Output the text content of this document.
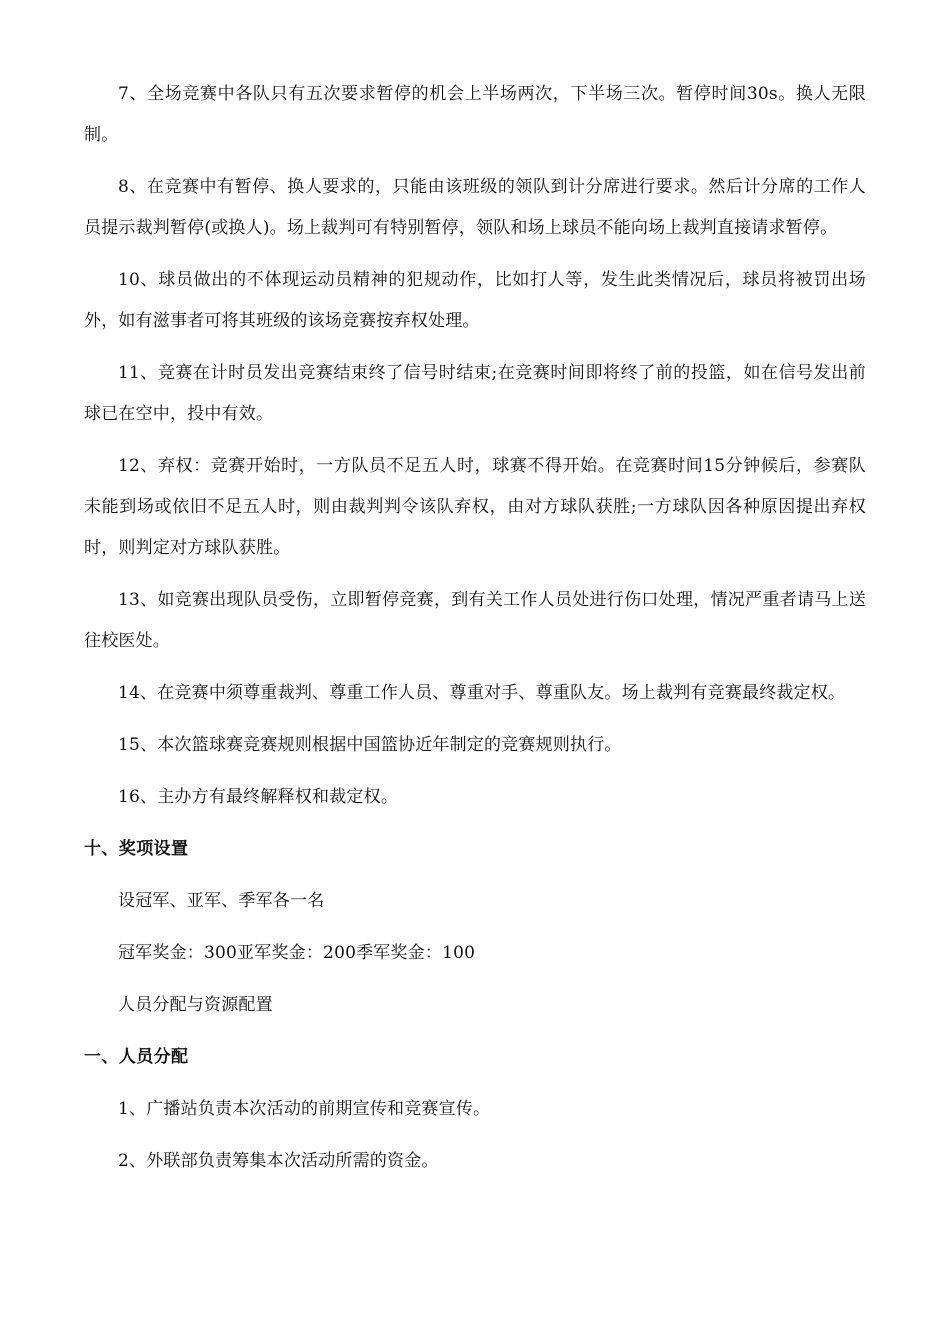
7、全场竞赛中各队只有五次要求暂停的机会上半场两次，下半场三次。暂停时间30s。换人无限制。

8、在竞赛中有暂停、换人要求的，只能由该班级的领队到计分席进行要求。然后计分席的工作人员提示裁判暂停(或换人)。场上裁判可有特别暂停，领队和场上球员不能向场上裁判直接请求暂停。

10、球员做出的不体现运动员精神的犯规动作，比如打人等，发生此类情况后，球员将被罚出场外，如有滋事者可将其班级的该场竞赛按弃权处理。

11、竞赛在计时员发出竞赛结束终了信号时结束;在竞赛时间即将终了前的投篮，如在信号发出前球已在空中，投中有效。

12、弃权：竞赛开始时，一方队员不足五人时，球赛不得开始。在竞赛时间15分钟候后，参赛队未能到场或依旧不足五人时，则由裁判判令该队弃权，由对方球队获胜;一方球队因各种原因提出弃权时，则判定对方球队获胜。

13、如竞赛出现队员受伤，立即暂停竞赛，到有关工作人员处进行伤口处理，情况严重者请马上送往校医处。

14、在竞赛中须尊重裁判、尊重工作人员、尊重对手、尊重队友。场上裁判有竞赛最终裁定权。

15、本次篮球赛竞赛规则根据中国篮协近年制定的竞赛规则执行。

16、主办方有最终解释权和裁定权。

十、奖项设置

设冠军、亚军、季军各一名

冠军奖金：300亚军奖金：200季军奖金：100

人员分配与资源配置

一、人员分配

1、广播站负责本次活动的前期宣传和竞赛宣传。

2、外联部负责筹集本次活动所需的资金。
